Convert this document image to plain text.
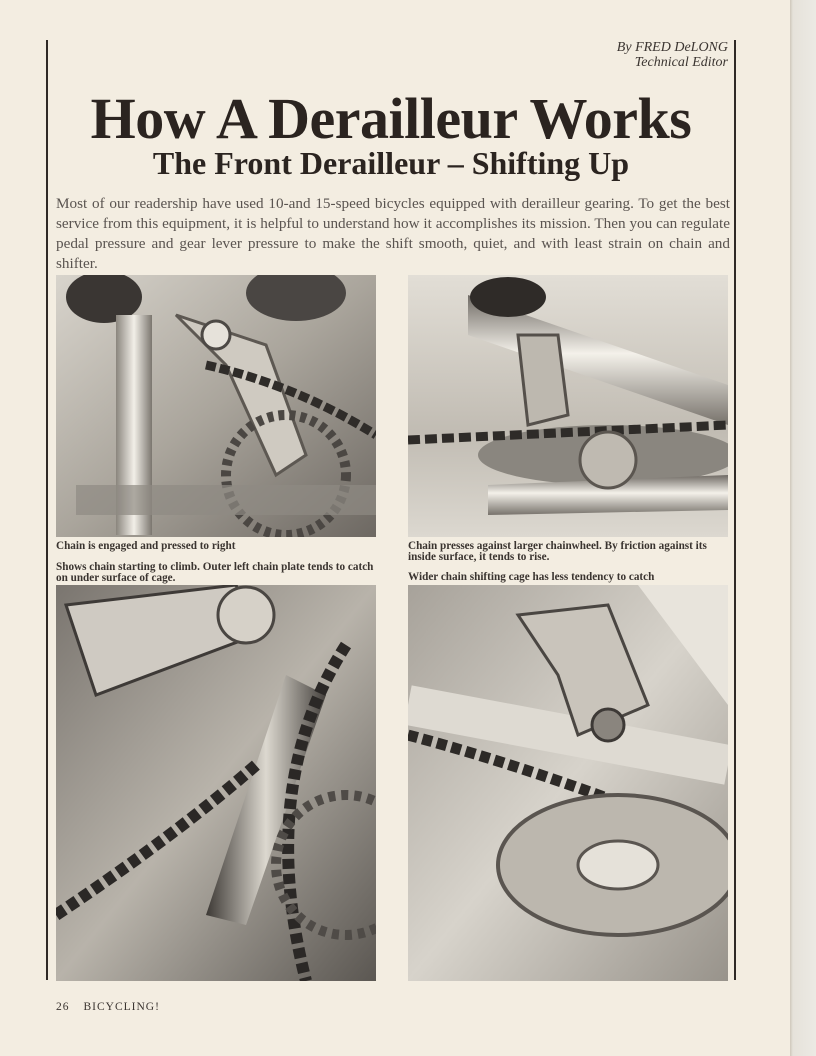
By FRED DeLONG
Technical Editor
How A Derailleur Works
The Front Derailleur – Shifting Up

Most of our readership have used 10-and 15-speed bicycles equipped with derailleur gearing. To get the best service from this equipment, it is helpful to understand how it accomplishes its mission. Then you can regulate pedal pressure and gear lever pressure to make the shift smooth, quiet, and with least strain on chain and shifter.

Chain is engaged and pressed to right	Chain presses against larger chainwheel. By friction against its inside surface, it tends to rise.

Shows chain starting to climb. Outer left chain plate tends to catch on under surface of cage.	Wider chain shifting cage has less tendency to catch

26 BICYCLING!
